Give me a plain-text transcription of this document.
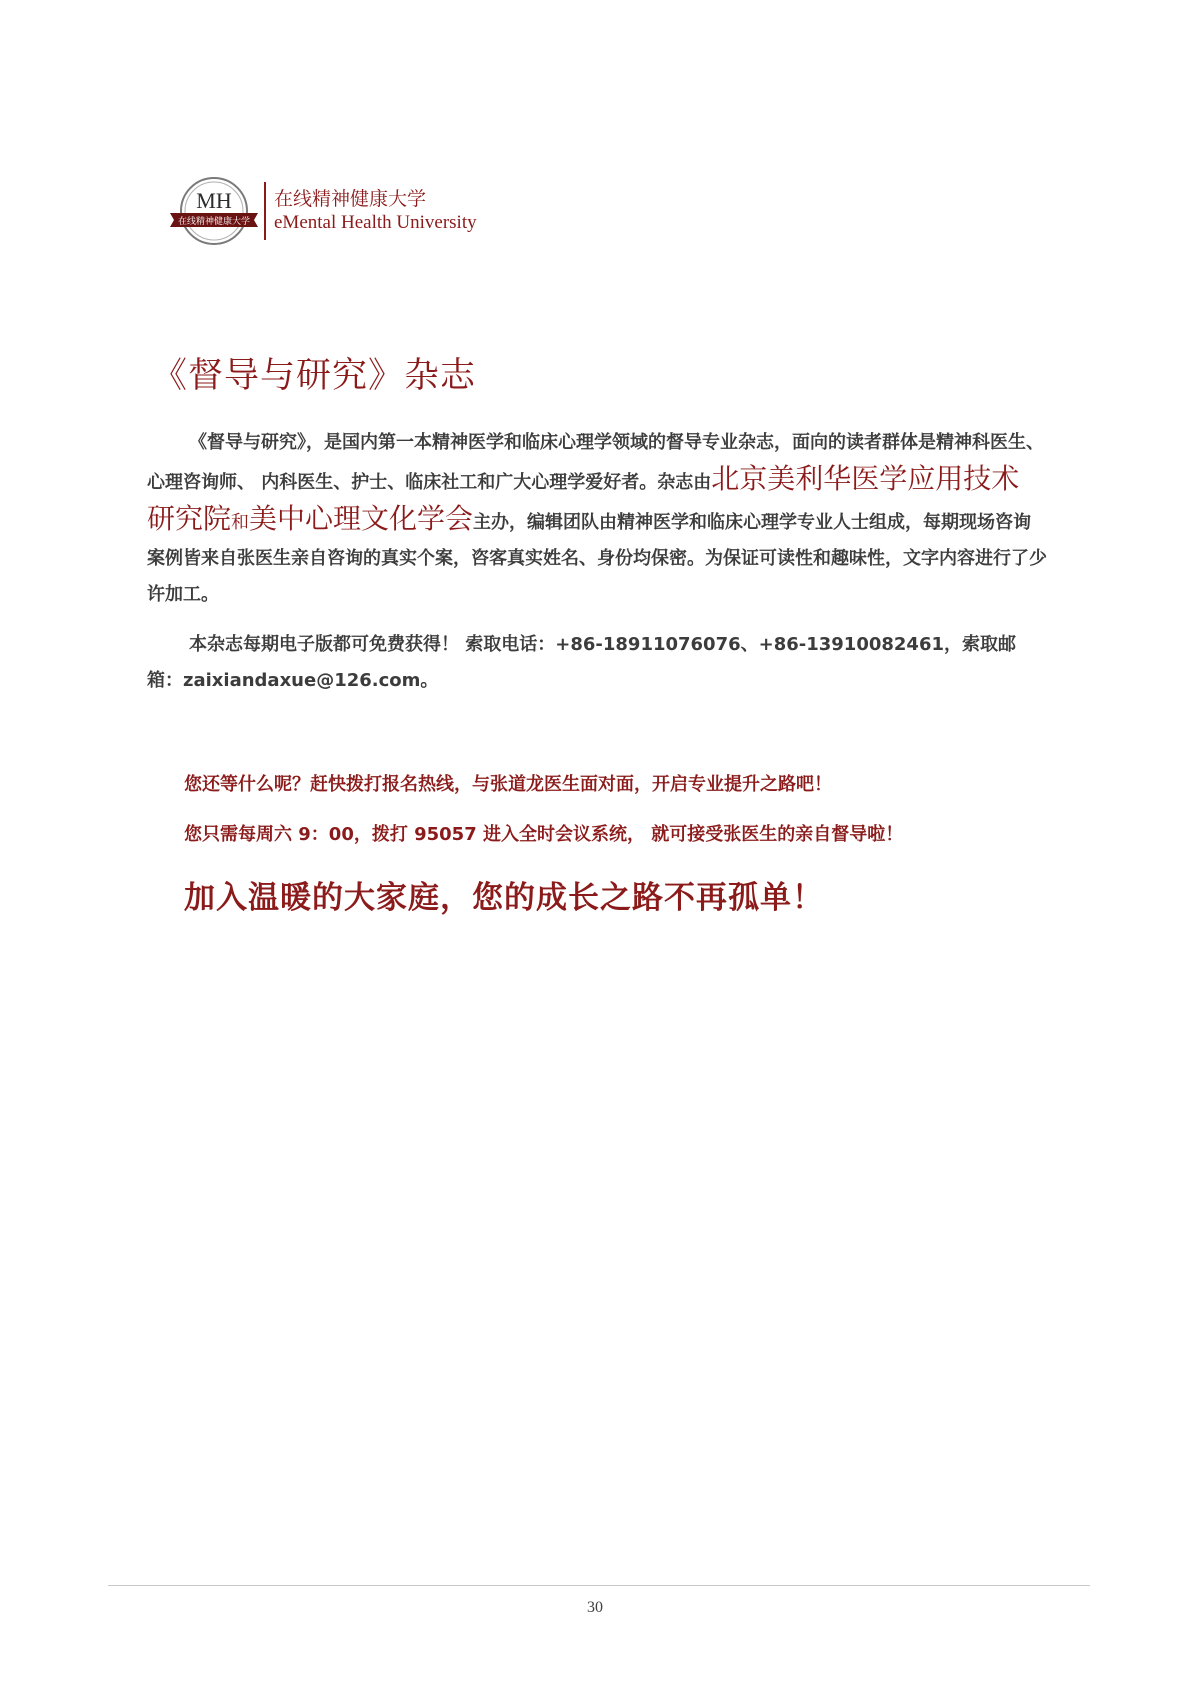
MH
在线精神健康大学
在线精神健康大学
eMental Health University
《督导与研究》杂志

《督导与研究》，是国内第一本精神医学和临床心理学领域的督导专业杂志，面向的读者群体是精神科医生、心理咨询师、 内科医生、护士、临床社工和广大心理学爱好者。杂志由北京美利华医学应用技术研究院和美中心理文化学会主办，编辑团队由精神医学和临床心理学专业人士组成，每期现场咨询案例皆来自张医生亲自咨询的真实个案，咨客真实姓名、身份均保密。为保证可读性和趣味性，文字内容进行了少许加工。

本杂志每期电子版都可免费获得！ 索取电话：+86-18911076076、+86-13910082461，索取邮箱：zaixiandaxue@126.com。

您还等什么呢？赶快拨打报名热线，与张道龙医生面对面，开启专业提升之路吧！

您只需每周六 9：00，拨打 95057 进入全时会议系统， 就可接受张医生的亲自督导啦！

加入温暖的大家庭，您的成长之路不再孤单！

30
